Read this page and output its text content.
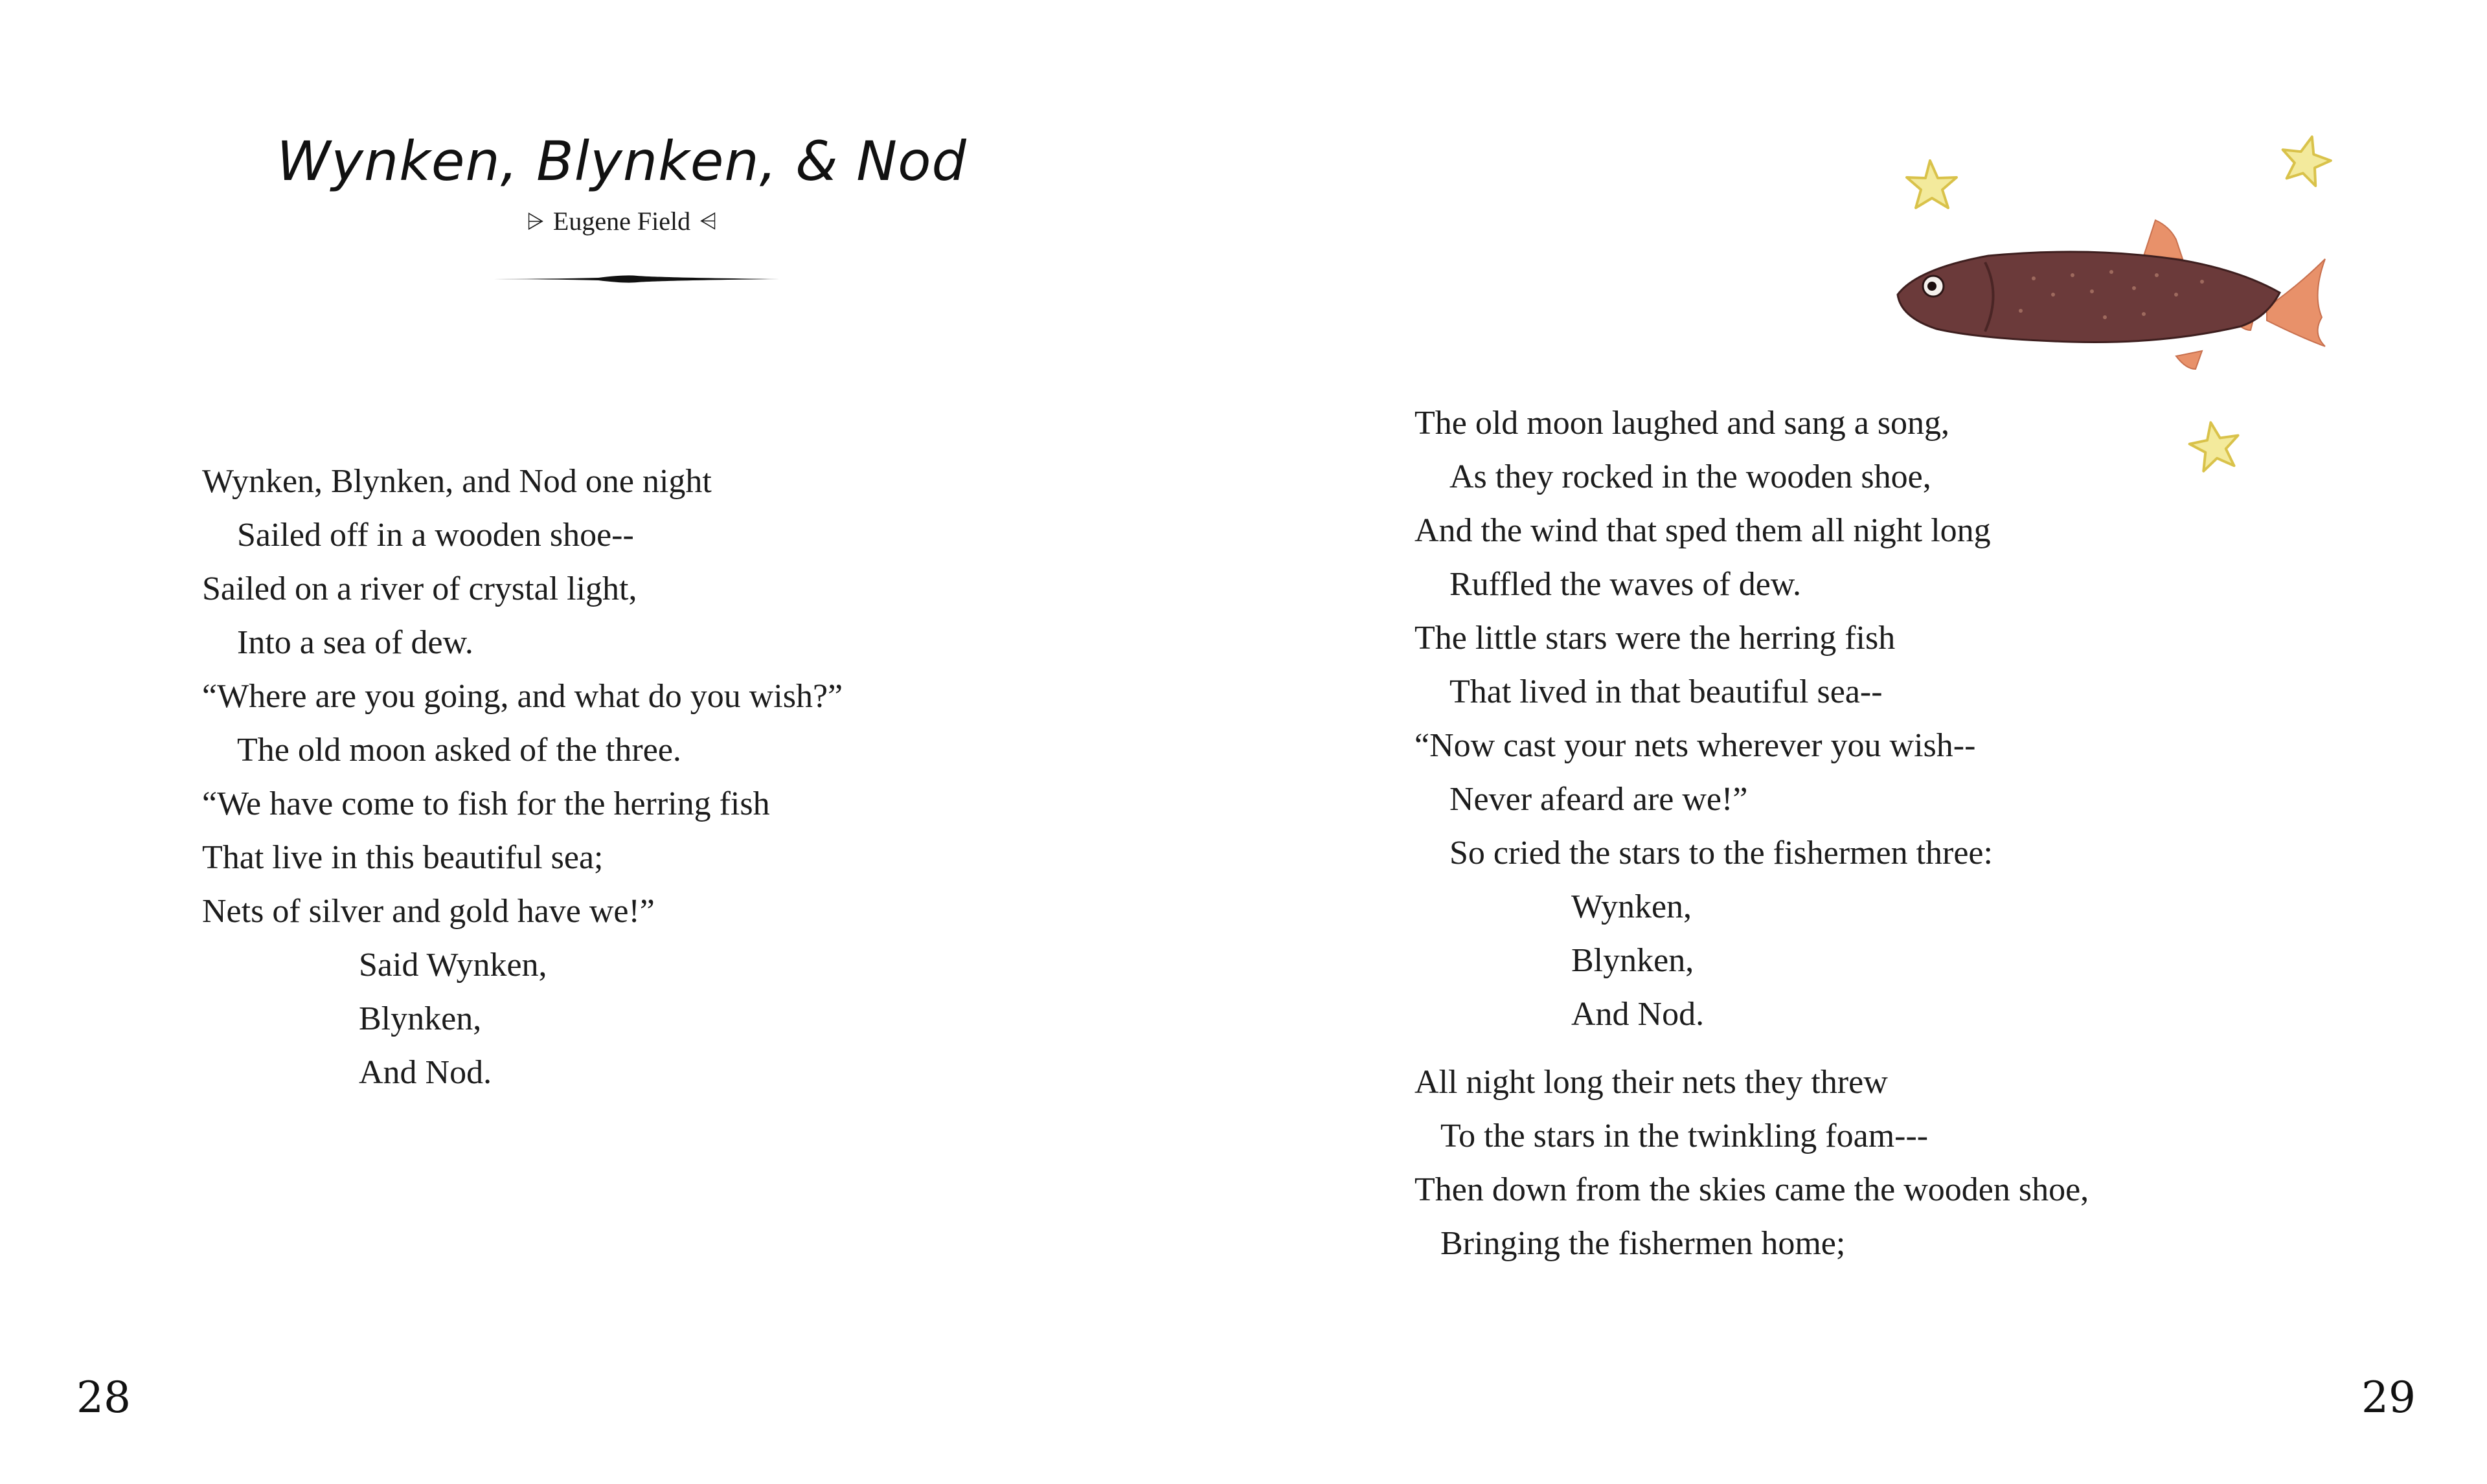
Wynken, Blynken, & Nod
⩥ Eugene Field ⩤
Wynken, Blynken, and Nod one night
Sailed off in a wooden shoe--
Sailed on a river of crystal light,
Into a sea of dew.
“Where are you going, and what do you wish?”
The old moon asked of the three.
“We have come to fish for the herring fish
That live in this beautiful sea;
Nets of silver and gold have we!”
Said Wynken,
Blynken,
And Nod.
28
The old moon laughed and sang a song,
As they rocked in the wooden shoe,
And the wind that sped them all night long
Ruffled the waves of dew.
The little stars were the herring fish
That lived in that beautiful sea--
“Now cast your nets wherever you wish--
Never afeard are we!”
So cried the stars to the fishermen three:
Wynken,
Blynken,
And Nod.
All night long their nets they threw
To the stars in the twinkling foam---
Then down from the skies came the wooden shoe,
Bringing the fishermen home;
29
